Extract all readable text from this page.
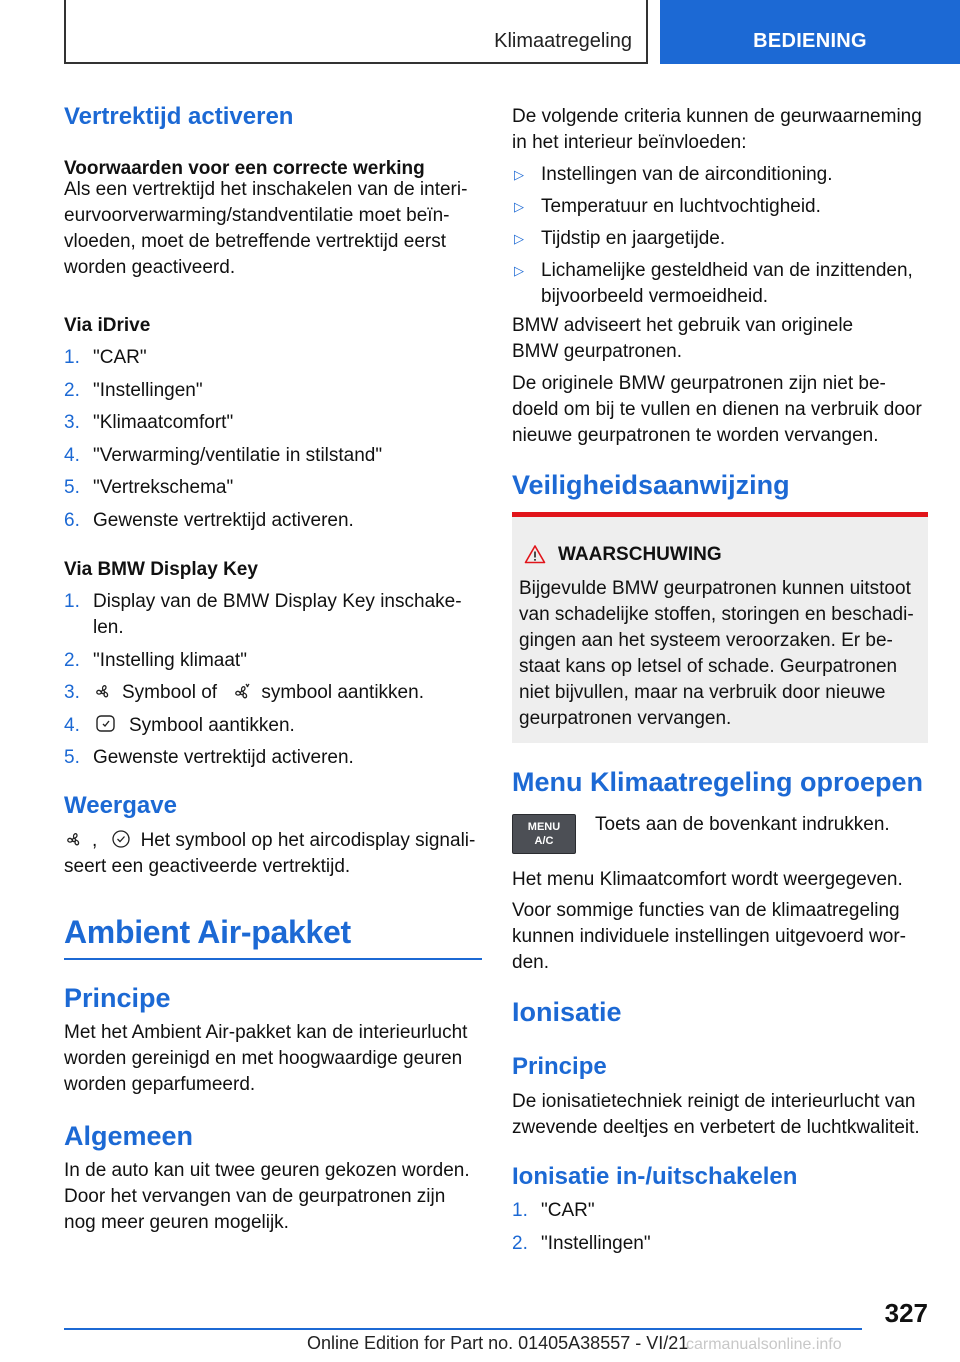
Klimaatregeling	BEDIENING
Vertrektijd activeren
Voorwaarden voor een correcte werking
Als een vertrektijd het inschakelen van de interi-
eurvoorverwarming/standventilatie moet beïn-
vloeden, moet de betreffende vertrektijd eerst
worden geactiveerd.
Via iDrive
1. "CAR"
2. "Instellingen"
3. "Klimaatcomfort"
4. "Verwarming/ventilatie in stilstand"
5. "Vertrekschema"
6. Gewenste vertrektijd activeren.
Via BMW Display Key
1. Display van de BMW Display Key inschake-
len.
2. "Instelling klimaat"
3. Symbool of symbool aantikken.
4.	Symbool aantikken.
5. Gewenste vertrektijd activeren.
Weergave
, Het symbool op het aircodisplay signali-
seert een geactiveerde vertrektijd.
Ambient Air-pakket
Principe
Met het Ambient Air-pakket kan de interieurlucht
worden gereinigd en met hoogwaardige geuren
worden geparfumeerd.
Algemeen
In de auto kan uit twee geuren gekozen worden.
Door het vervangen van de geurpatronen zijn
nog meer geuren mogelijk.
De volgende criteria kunnen de geurwaarneming
in het interieur beïnvloeden:
▷ Instellingen van de airconditioning.
▷ Temperatuur en luchtvochtigheid.
▷ Tijdstip en jaargetijde.
▷ Lichamelijke gesteldheid van de inzittenden,
bijvoorbeeld vermoeidheid.
BMW adviseert het gebruik van originele
BMW geurpatronen.
De originele BMW geurpatronen zijn niet be-
doeld om bij te vullen en dienen na verbruik door
nieuwe geurpatronen te worden vervangen.
Veiligheidsaanwijzing
WAARSCHUWING
Bijgevulde BMW geurpatronen kunnen uitstoot
van schadelijke stoffen, storingen en beschadi-
gingen aan het systeem veroorzaken. Er be-
staat kans op letsel of schade. Geurpatronen
niet bijvullen, maar na verbruik door nieuwe
geurpatronen vervangen.
Menu Klimaatregeling oproepen
Toets aan de bovenkant indrukken.
Het menu Klimaatcomfort wordt weergegeven.
Voor sommige functies van de klimaatregeling
kunnen individuele instellingen uitgevoerd wor-
den.
Ionisatie
Principe
De ionisatietechniek reinigt de interieurlucht van
zwevende deeltjes en verbetert de luchtkwaliteit.
Ionisatie in-/uitschakelen
1. "CAR"
2. "Instellingen"
MENU
A/C
327
Online Edition for Part no. 01405A38557 - VI/21
carmanualsonline.info
